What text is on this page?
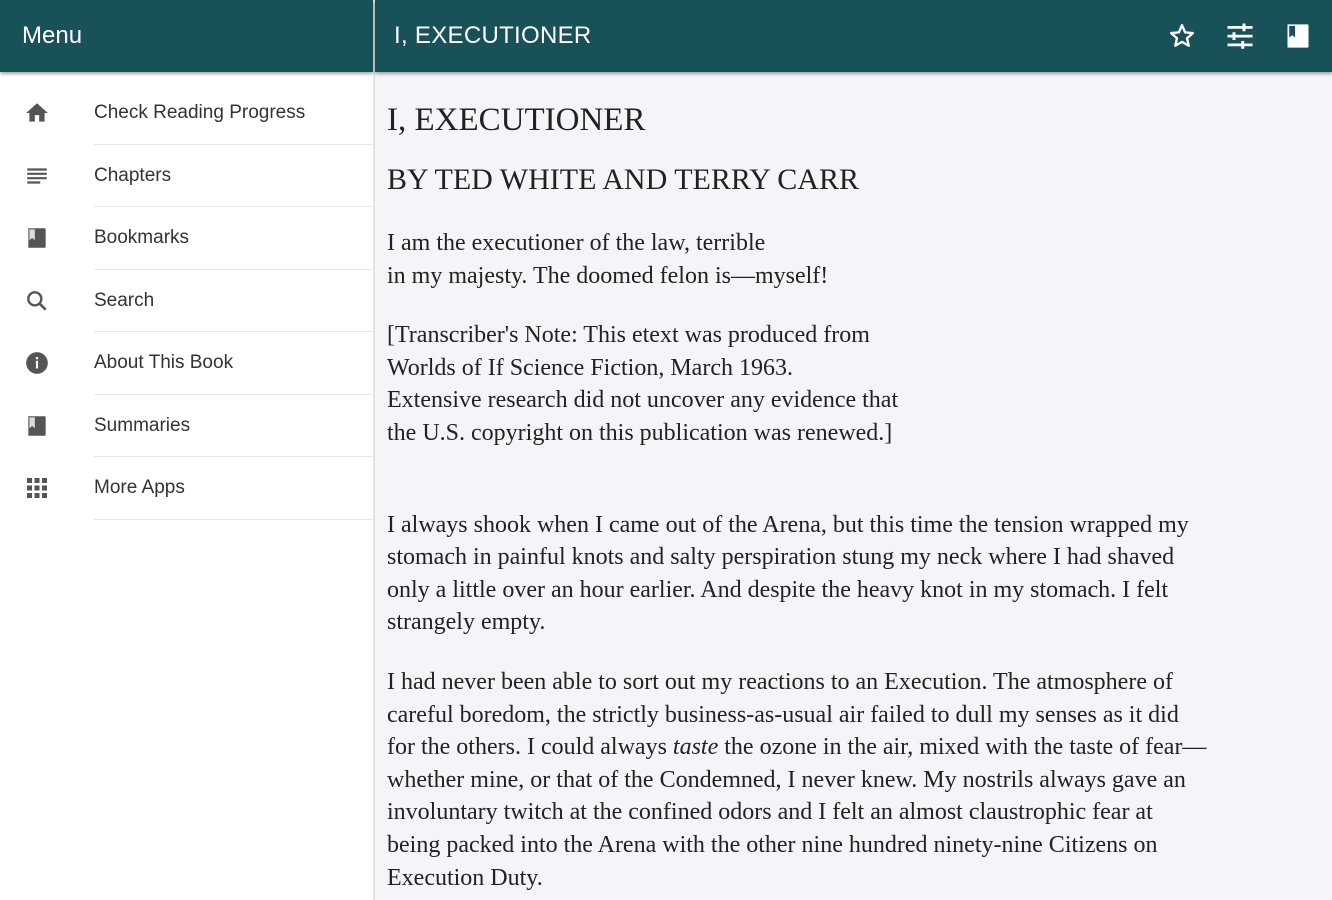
Menu
Check Reading Progress
Chapters
Bookmarks
Search
About This Book
Summaries
More Apps
I, EXECUTIONER
I, EXECUTIONER
BY TED WHITE AND TERRY CARR

I am the executioner of the law, terrible
in my majesty. The doomed felon is—myself!

[Transcriber's Note: This etext was produced from
Worlds of If Science Fiction, March 1963.
Extensive research did not uncover any evidence that
the U.S. copyright on this publication was renewed.]

I always shook when I came out of the Arena, but this time the tension wrapped my
stomach in painful knots and salty perspiration stung my neck where I had shaved
only a little over an hour earlier. And despite the heavy knot in my stomach. I felt
strangely empty.

I had never been able to sort out my reactions to an Execution. The atmosphere of
careful boredom, the strictly business-as-usual air failed to dull my senses as it did
for the others. I could always taste the ozone in the air, mixed with the taste of fear—
whether mine, or that of the Condemned, I never knew. My nostrils always gave an
involuntary twitch at the confined odors and I felt an almost claustrophic fear at
being packed into the Arena with the other nine hundred ninety-nine Citizens on
Execution Duty.
